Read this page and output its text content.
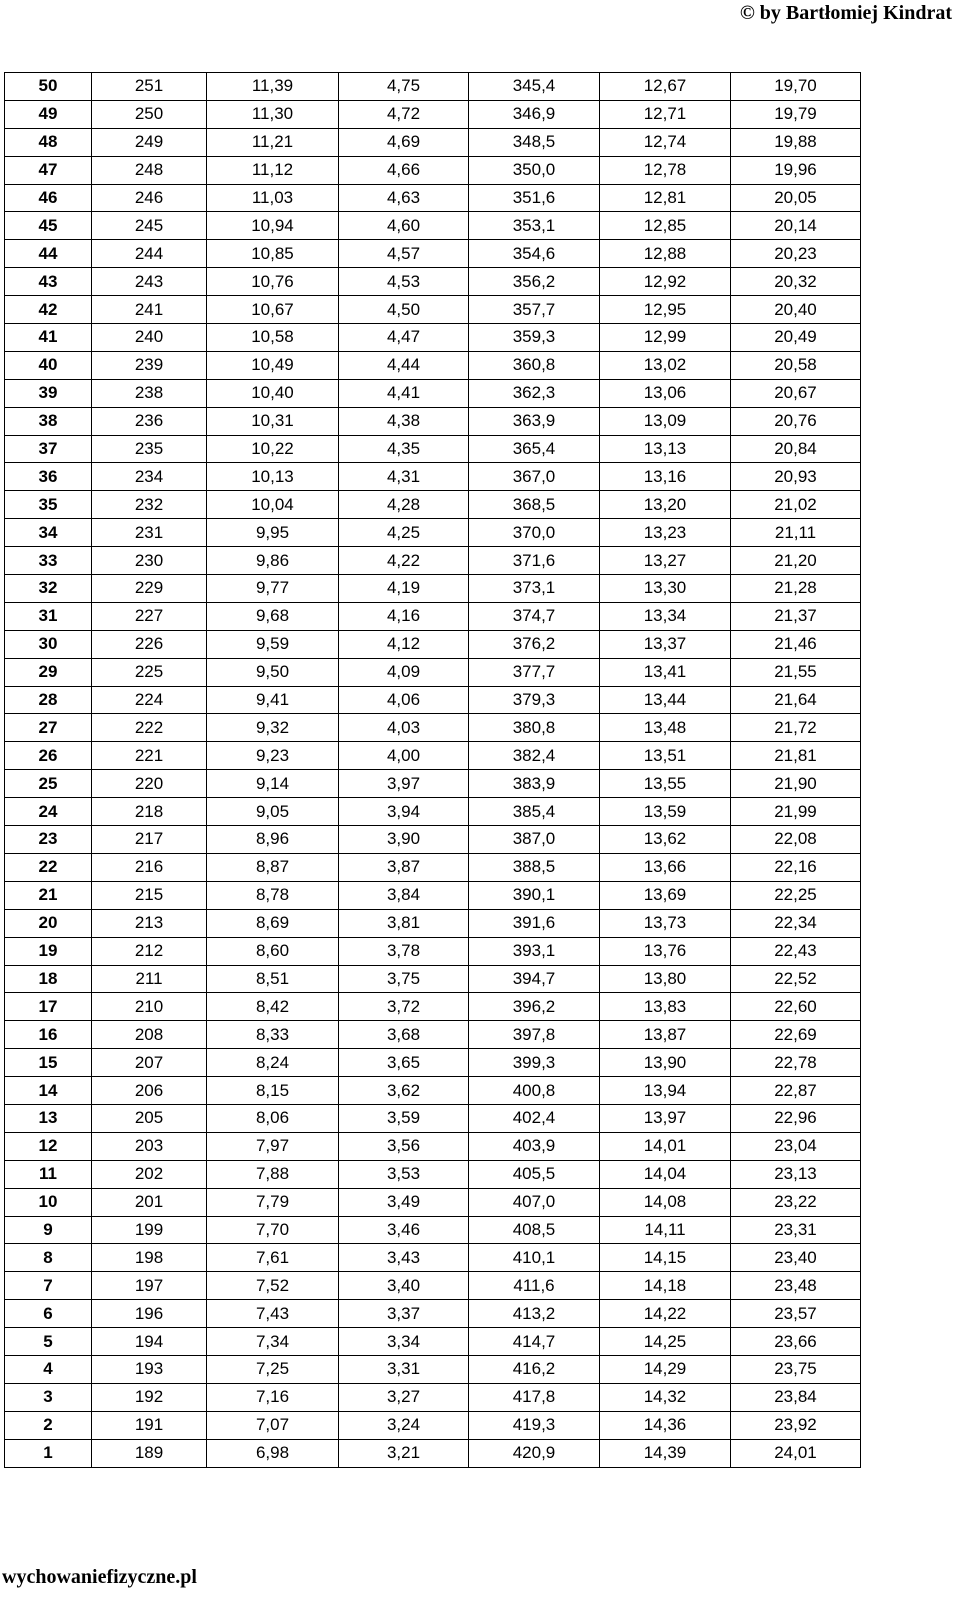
© by Bartłomiej Kindrat
50	251	11,39	4,75	345,4	12,67	19,70
49	250	11,30	4,72	346,9	12,71	19,79
48	249	11,21	4,69	348,5	12,74	19,88
47	248	11,12	4,66	350,0	12,78	19,96
46	246	11,03	4,63	351,6	12,81	20,05
45	245	10,94	4,60	353,1	12,85	20,14
44	244	10,85	4,57	354,6	12,88	20,23
43	243	10,76	4,53	356,2	12,92	20,32
42	241	10,67	4,50	357,7	12,95	20,40
41	240	10,58	4,47	359,3	12,99	20,49
40	239	10,49	4,44	360,8	13,02	20,58
39	238	10,40	4,41	362,3	13,06	20,67
38	236	10,31	4,38	363,9	13,09	20,76
37	235	10,22	4,35	365,4	13,13	20,84
36	234	10,13	4,31	367,0	13,16	20,93
35	232	10,04	4,28	368,5	13,20	21,02
34	231	9,95	4,25	370,0	13,23	21,11
33	230	9,86	4,22	371,6	13,27	21,20
32	229	9,77	4,19	373,1	13,30	21,28
31	227	9,68	4,16	374,7	13,34	21,37
30	226	9,59	4,12	376,2	13,37	21,46
29	225	9,50	4,09	377,7	13,41	21,55
28	224	9,41	4,06	379,3	13,44	21,64
27	222	9,32	4,03	380,8	13,48	21,72
26	221	9,23	4,00	382,4	13,51	21,81
25	220	9,14	3,97	383,9	13,55	21,90
24	218	9,05	3,94	385,4	13,59	21,99
23	217	8,96	3,90	387,0	13,62	22,08
22	216	8,87	3,87	388,5	13,66	22,16
21	215	8,78	3,84	390,1	13,69	22,25
20	213	8,69	3,81	391,6	13,73	22,34
19	212	8,60	3,78	393,1	13,76	22,43
18	211	8,51	3,75	394,7	13,80	22,52
17	210	8,42	3,72	396,2	13,83	22,60
16	208	8,33	3,68	397,8	13,87	22,69
15	207	8,24	3,65	399,3	13,90	22,78
14	206	8,15	3,62	400,8	13,94	22,87
13	205	8,06	3,59	402,4	13,97	22,96
12	203	7,97	3,56	403,9	14,01	23,04
11	202	7,88	3,53	405,5	14,04	23,13
10	201	7,79	3,49	407,0	14,08	23,22
9	199	7,70	3,46	408,5	14,11	23,31
8	198	7,61	3,43	410,1	14,15	23,40
7	197	7,52	3,40	411,6	14,18	23,48
6	196	7,43	3,37	413,2	14,22	23,57
5	194	7,34	3,34	414,7	14,25	23,66
4	193	7,25	3,31	416,2	14,29	23,75
3	192	7,16	3,27	417,8	14,32	23,84
2	191	7,07	3,24	419,3	14,36	23,92
1	189	6,98	3,21	420,9	14,39	24,01
wychowaniefizyczne.pl
